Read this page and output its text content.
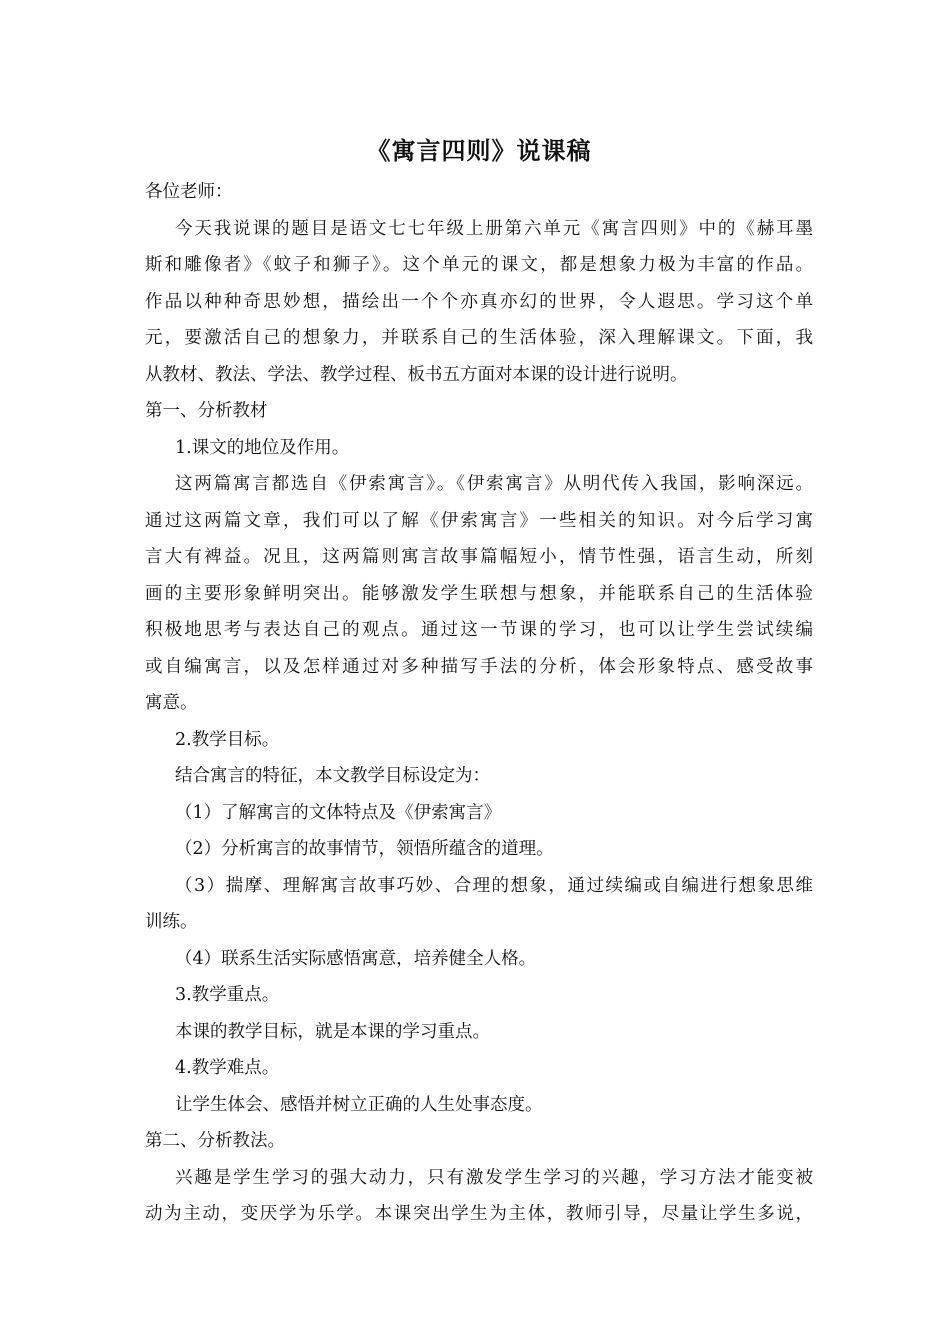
《寓言四则》说课稿

各位老师：

今天我说课的题目是语文七七年级上册第六单元《寓言四则》中的《赫耳墨

斯和雕像者》《蚊子和狮子》。这个单元的课文，都是想象力极为丰富的作品。

作品以种种奇思妙想，描绘出一个个亦真亦幻的世界，令人遐思。学习这个单

元，要激活自己的想象力，并联系自己的生活体验，深入理解课文。下面，我

从教材、教法、学法、教学过程、板书五方面对本课的设计进行说明。

第一、分析教材

1.课文的地位及作用。

这两篇寓言都选自《伊索寓言》。《伊索寓言》从明代传入我国，影响深远。

通过这两篇文章，我们可以了解《伊索寓言》一些相关的知识。对今后学习寓

言大有裨益。况且，这两篇则寓言故事篇幅短小，情节性强，语言生动，所刻

画的主要形象鲜明突出。能够激发学生联想与想象，并能联系自己的生活体验

积极地思考与表达自己的观点。通过这一节课的学习，也可以让学生尝试续编

或自编寓言，以及怎样通过对多种描写手法的分析，体会形象特点、感受故事

寓意。

2.教学目标。

结合寓言的特征，本文教学目标设定为：

（1）了解寓言的文体特点及《伊索寓言》

（2）分析寓言的故事情节，领悟所蕴含的道理。

（3）揣摩、理解寓言故事巧妙、合理的想象，通过续编或自编进行想象思维

训练。

（4）联系生活实际感悟寓意，培养健全人格。

3.教学重点。

本课的教学目标，就是本课的学习重点。

4.教学难点。

让学生体会、感悟并树立正确的人生处事态度。

第二、分析教法。

兴趣是学生学习的强大动力，只有激发学生学习的兴趣，学习方法才能变被

动为主动，变厌学为乐学。本课突出学生为主体，教师引导，尽量让学生多说，
